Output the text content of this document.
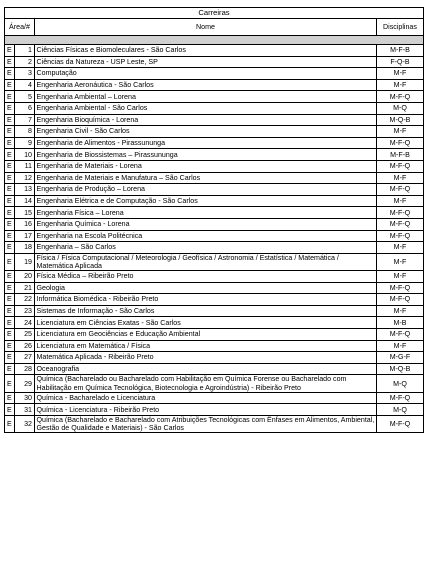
Carreiras			
Área/#		Nome	Disciplinas

E	1	Ciências Físicas e Biomoleculares - São Carlos	M-F-B
E	2	Ciências da Natureza - USP Leste, SP	F-Q-B
E	3	Computação	M-F
E	4	Engenharia Aeronáutica - São Carlos	M-F
E	5	Engenharia Ambiental – Lorena	M-F-Q
E	6	Engenharia Ambiental - São Carlos	M-Q
E	7	Engenharia Bioquímica - Lorena	M-Q-B
E	8	Engenharia Civil - São Carlos	M-F
E	9	Engenharia de Alimentos - Pirassununga	M-F-Q
E	10	Engenharia de Biossistemas – Pirassununga	M-F-B
E	11	Engenharia de Materiais - Lorena	M-F-Q
E	12	Engenharia de Materiais e Manufatura – São Carlos	M-F
E	13	Engenharia de Produção – Lorena	M-F-Q
E	14	Engenharia Elétrica e de Computação - São Carlos	M-F
E	15	Engenharia Física – Lorena	M-F-Q
E	16	Engenharia Química - Lorena	M-F-Q
E	17	Engenharia na Escola Politécnica	M-F-Q
E	18	Engenharia – São Carlos	M-F
E	19	Física / Física Computacional / Meteorologia / Geofísica / Astronomia / Estatística / Matemática / Matemática Aplicada	M-F
E	20	Física Médica – Ribeirão Preto	M-F
E	21	Geologia	M-F-Q
E	22	Informática Biomédica - Ribeirão Preto	M-F-Q
E	23	Sistemas de Informação - São Carlos	M-F
E	24	Licenciatura em Ciências Exatas - São Carlos	M-B
E	25	Licenciatura em Geociências e Educação Ambiental	M-F-Q
E	26	Licenciatura em Matemática / Física	M-F
E	27	Matemática Aplicada - Ribeirão Preto	M-G-F
E	28	Oceanografia	M-Q-B
E	29	Química (Bacharelado ou Bacharelado com Habilitação em Química Forense ou Bacharelado com Habilitação em Química Tecnológica, Biotecnologia e Agroindústria) - Ribeirão Preto	M-Q
E	30	Química - Bacharelado e Licenciatura	M-F-Q
E	31	Química - Licenciatura - Ribeirão Preto	M-Q
E	32	Química (Bacharelado e Bacharelado com Atribuições Tecnológicas com Ênfases em Alimentos, Ambiental, Gestão de Qualidade e Materiais) - São Carlos	M-F-Q
